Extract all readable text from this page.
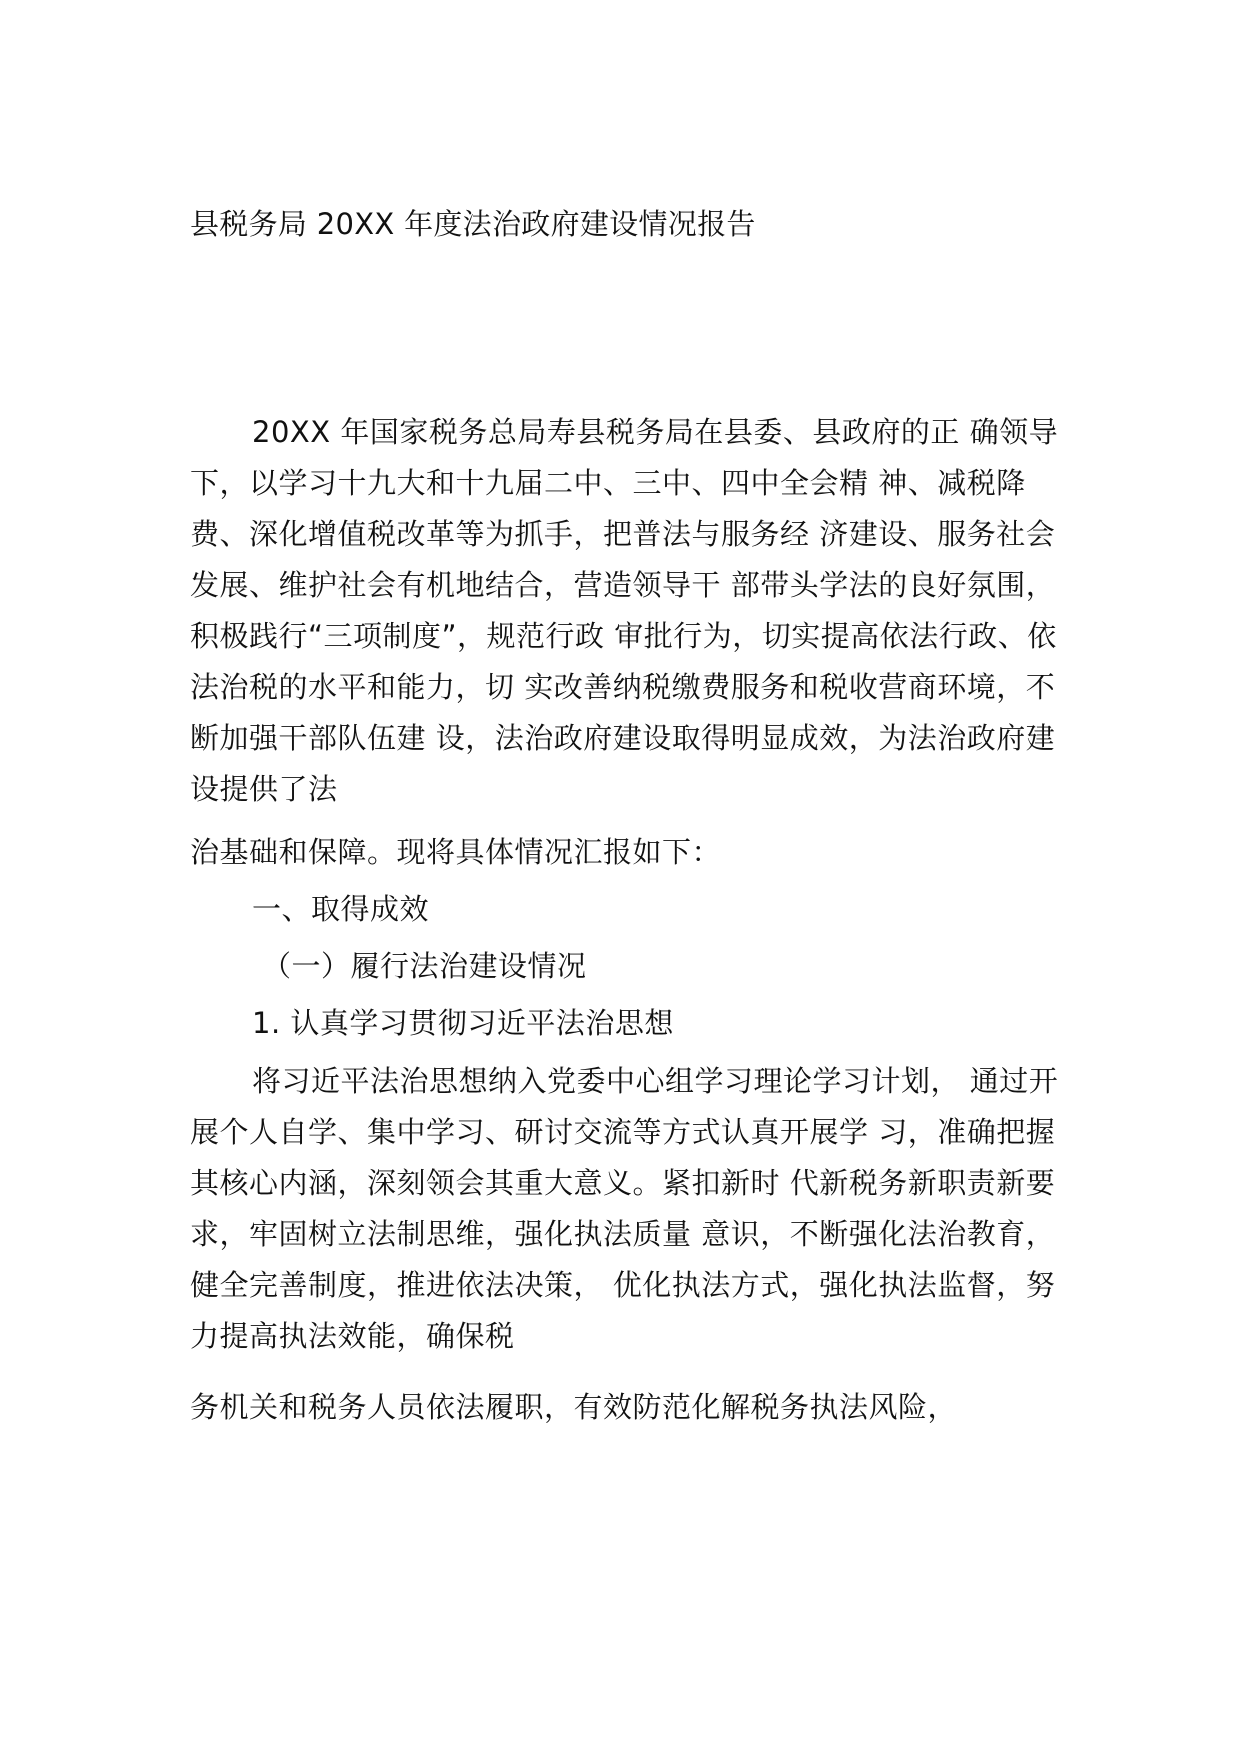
县税务局 20XX 年度法治政府建设情况报告
20XX 年国家税务总局寿县税务局在县委、县政府的正 确领导
下，以学习十九大和十九届二中、三中、四中全会精 神、减税降
费、深化增值税改革等为抓手，把普法与服务经 济建设、服务社会
发展、维护社会有机地结合，营造领导干 部带头学法的良好氛围，
积极践行“三项制度”，规范行政 审批行为，切实提高依法行政、依
法治税的水平和能力，切 实改善纳税缴费服务和税收营商环境，不
断加强干部队伍建 设，法治政府建设取得明显成效，为法治政府建
设提供了法
治基础和保障。现将具体情况汇报如下：
一、取得成效
（一）履行法治建设情况
1. 认真学习贯彻习近平法治思想
将习近平法治思想纳入党委中心组学习理论学习计划， 通过开
展个人自学、集中学习、研讨交流等方式认真开展学 习，准确把握
其核心内涵，深刻领会其重大意义。紧扣新时 代新税务新职责新要
求，牢固树立法制思维，强化执法质量 意识，不断强化法治教育，
健全完善制度，推进依法决策， 优化执法方式，强化执法监督，努
力提高执法效能，确保税
务机关和税务人员依法履职，有效防范化解税务执法风险，
